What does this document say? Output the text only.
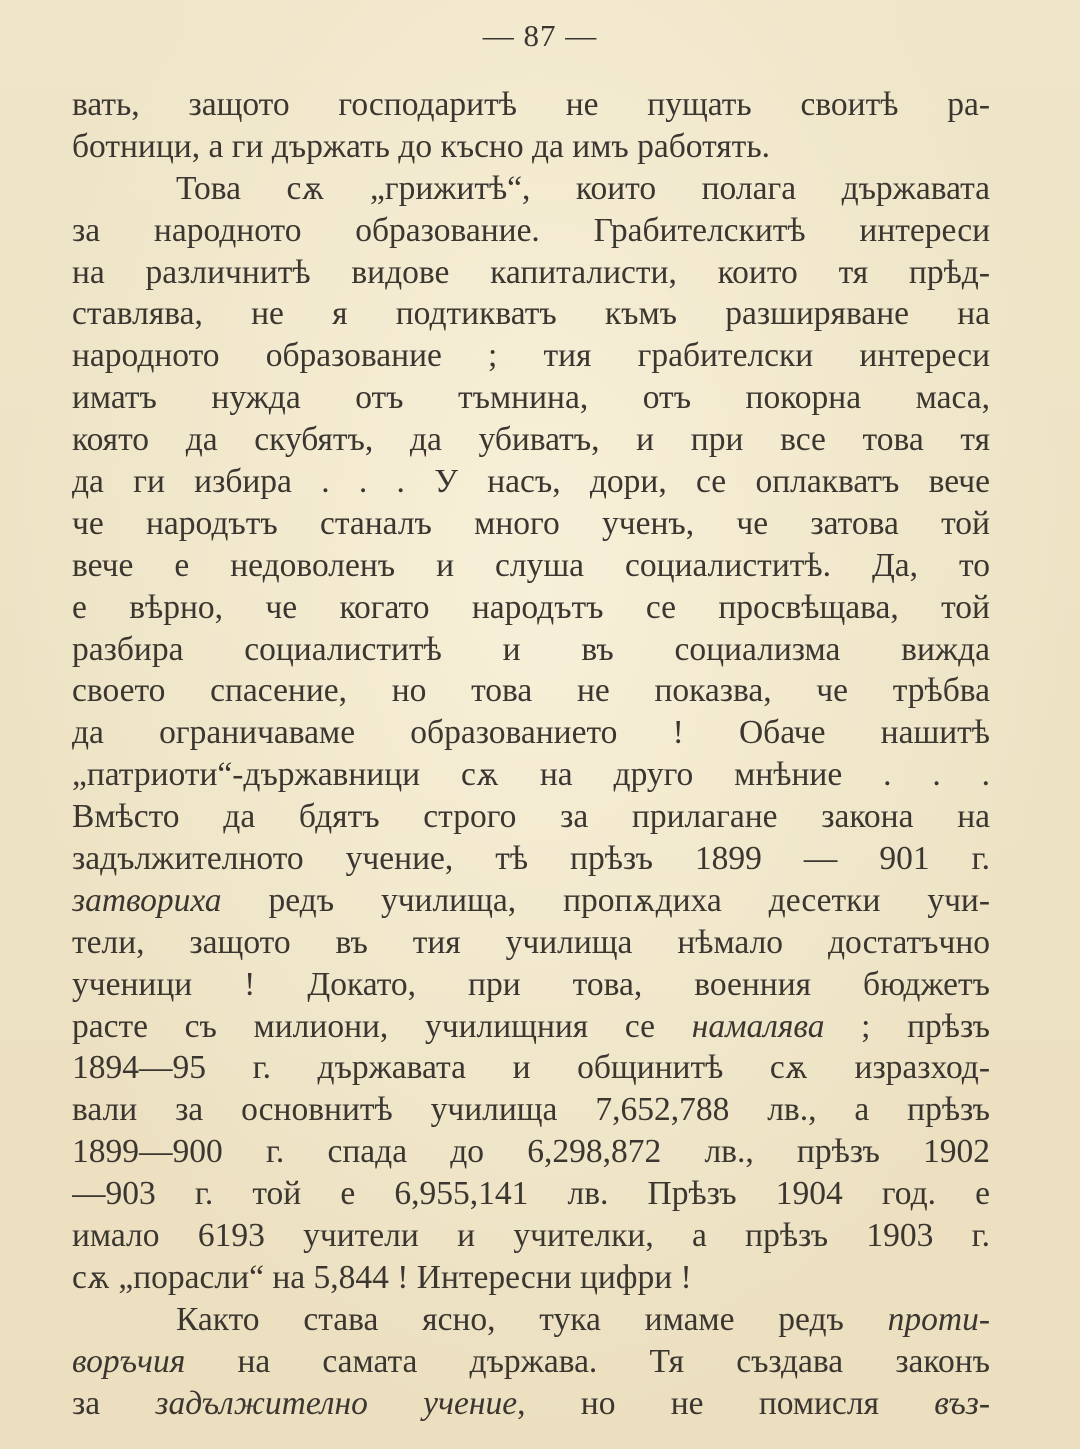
— 87 —
вать, защото господаритѣ не пущать своитѣ ра-
ботници, а ги държать до късно да имъ работять.
Това сѫ „грижитѣ“, които полага държавата
за народното образование. Грабителскитѣ интереси
на различнитѣ видове капиталисти, които тя прѣд-
ставлява, не я подтикватъ къмъ разширяване на
народното образование ; тия грабителски интереси
иматъ нужда отъ тъмнина, отъ покорна маса,
която да скубятъ, да убиватъ, и при все това тя
да ги избира . . . У насъ, дори, се оплакватъ вече
че народътъ станалъ много ученъ, че затова той
вече е недоволенъ и слуша социалиститѣ. Да, то
е вѣрно, че когато народътъ се просвѣщава, той
разбира социалиститѣ и въ социализма вижда
своето спасение, но това не показва, че трѣбва
да ограничаваме образованието ! Обаче нашитѣ
„патриоти“-държавници сѫ на друго мнѣние . . .
Вмѣсто да бдятъ строго за прилагане закона на
задължителното учение, тѣ прѣзъ 1899 — 901 г.
затвориха редъ училища, пропѫдиха десетки учи-
тели, защото въ тия училища нѣмало достатъчно
ученици ! Докато, при това, военния бюджетъ
расте съ милиони, училищния се намалява ; прѣзъ
1894—95 г. държавата и общинитѣ сѫ изразход-
вали за основнитѣ училища 7,652,788 лв., а прѣзъ
1899—900 г. спада до 6,298,872 лв., прѣзъ 1902
—903 г. той е 6,955,141 лв. Прѣзъ 1904 год. е
имало 6193 учители и учителки, а прѣзъ 1903 г.
сѫ „порасли“ на 5,844 ! Интересни цифри !
Както става ясно, тука имаме редъ проти-
воръчия на самата държава. Тя създава законъ
за задължително учение, но не помисля въз-
